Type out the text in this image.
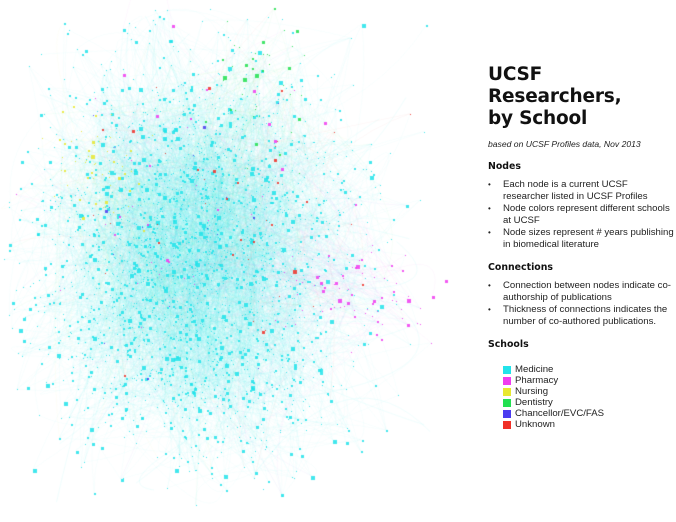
UCSF Researchers,
by School

based on UCSF Profiles data, Nov 2013

Nodes
• Each node is a current UCSF researcher listed in UCSF Profiles
• Node colors represent different schools at UCSF
• Node sizes represent # years publishing in biomedical literature
Connections
• Connection between nodes indicate co-authorship of publications
• Thickness of connections indicates the number of co-authored publications.
Schools
Medicine
Pharmacy
Nursing
Dentistry
Chancellor/EVC/FAS
Unknown
